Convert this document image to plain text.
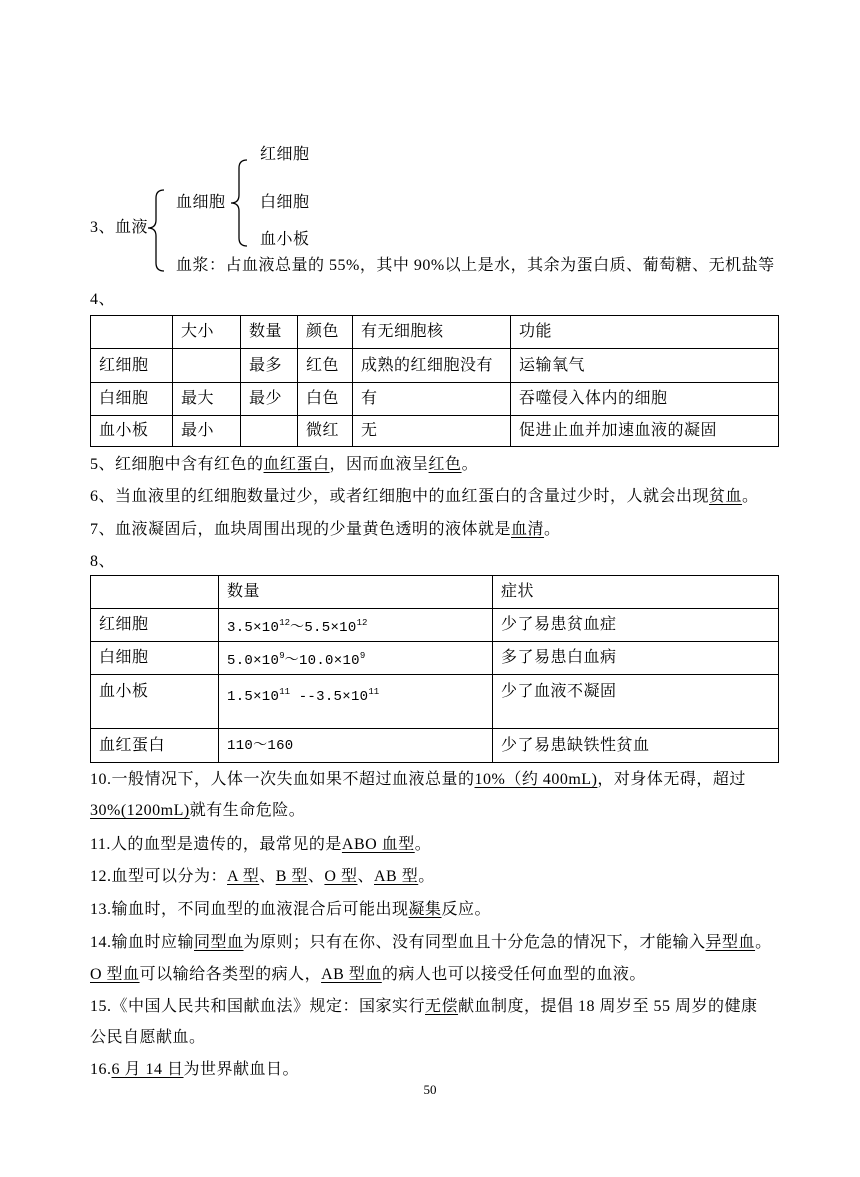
红细胞
血细胞 白细胞
3、血液
血小板
血浆：占血液总量的 55%，其中 90%以上是水，其余为蛋白质、葡萄糖、无机盐等
4、
	大小	数量	颜色	有无细胞核	功能
红细胞		最多	红色	成熟的红细胞没有	运输氧气
白细胞	最大	最少	白色	有	吞噬侵入体内的细胞
血小板	最小		微红	无	促进止血并加速血液的凝固
5、红细胞中含有红色的血红蛋白，因而血液呈红色。
6、当血液里的红细胞数量过少，或者红细胞中的血红蛋白的含量过少时，人就会出现贫血。
7、血液凝固后，血块周围出现的少量黄色透明的液体就是血清。
8、
	数量	症状
红细胞	$3.5\times 10^{12}\sim 5.5\times 10^{12}$	少了易患贫血症
白细胞	$5.0\times 10^9\sim 10.0\times 10^9$	多了易患白血病
血小板	$1.5\times 10^{11}$ $--3.5\times 10^{11}$	少了血液不凝固
血红蛋白	110～160	少了易患缺铁性贫血
10.一般情况下，人体一次失血如果不超过血液总量的10%（约 400mL)，对身体无碍，超过
30%(1200mL)就有生命危险。
11.人的血型是遗传的，最常见的是ABO 血型。
12.血型可以分为：A 型、B 型、O 型、AB 型。
13.输血时，不同血型的血液混合后可能出现凝集反应。
14.输血时应输同型血为原则；只有在你、没有同型血且十分危急的情况下，才能输入异型血。
O 型血可以输给各类型的病人，AB 型血的病人也可以接受任何血型的血液。
15.《中国人民共和国献血法》规定：国家实行无偿献血制度，提倡 18 周岁至 55 周岁的健康
公民自愿献血。
16.6 月 14 日为世界献血日。
50
